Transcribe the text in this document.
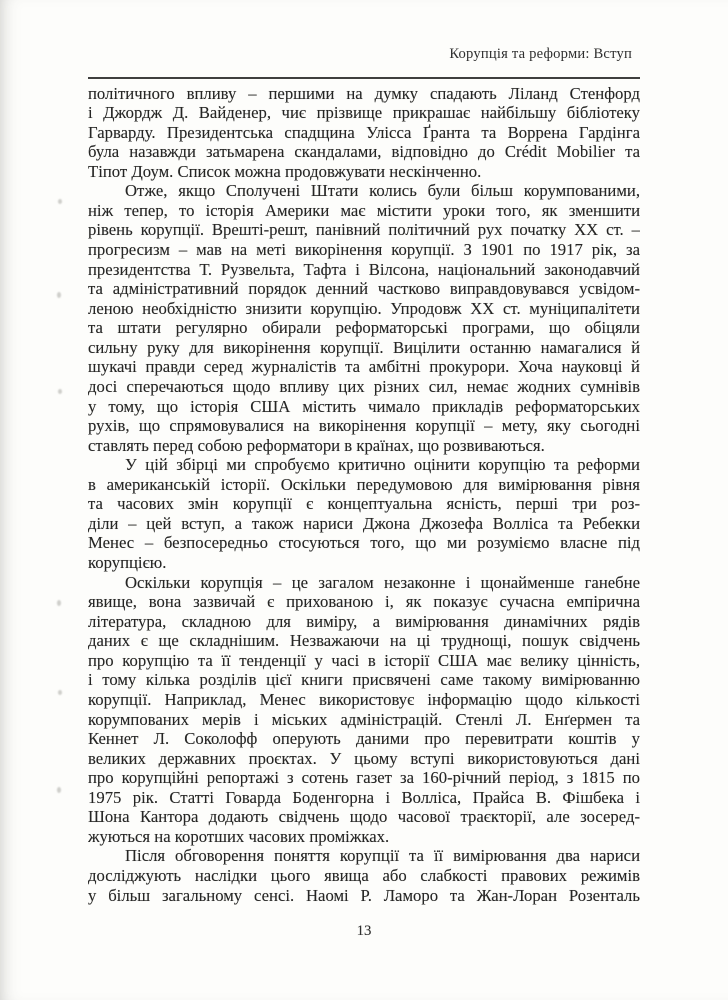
Корупція та реформи: Вступ
політичного впливу – першими на думку спадають Ліланд Стенфорд
і Джордж Д. Вайденер, чиє прізвище прикрашає найбільшу бібліотеку
Гарварду. Президентська спадщина Улісса Ґранта та Воррена Гардінга
була назавжди затьмарена скандалами, відповідно до Crédit Mobilier та
Тіпот Доум. Список можна продовжувати нескінченно.
Отже, якщо Сполучені Штати колись були більш корумпованими,
ніж тепер, то історія Америки має містити уроки того, як зменшити
рівень корупції. Врешті-решт, панівний політичний рух початку XX ст. –
прогресизм – мав на меті викорінення корупції. З 1901 по 1917 рік, за
президентства Т. Рузвельта, Тафта і Вілсона, національний законодавчий
та адміністративний порядок денний частково виправдовувався усвідом-
леною необхідністю знизити корупцію. Упродовж XX ст. муніципалітети
та штати регулярно обирали реформаторські програми, що обіцяли
сильну руку для викорінення корупції. Вицілити останню намагалися й
шукачі правди серед журналістів та амбітні прокурори. Хоча науковці й
досі сперечаються щодо впливу цих різних сил, немає жодних сумнівів
у тому, що історія США містить чимало прикладів реформаторських
рухів, що спрямовувалися на викорінення корупції – мету, яку сьогодні
ставлять перед собою реформатори в країнах, що розвиваються.
У цій збірці ми спробуємо критично оцінити корупцію та реформи
в американській історії. Оскільки передумовою для вимірювання рівня
та часових змін корупції є концептуальна ясність, перші три роз-
діли – цей вступ, а також нариси Джона Джозефа Волліса та Ребекки
Менес – безпосередньо стосуються того, що ми розуміємо власне під
корупцією.
Оскільки корупція – це загалом незаконне і щонайменше ганебне
явище, вона зазвичай є прихованою і, як показує сучасна емпірична
література, складною для виміру, а вимірювання динамічних рядів
даних є ще складнішим. Незважаючи на ці труднощі, пошук свідчень
про корупцію та її тенденції у часі в історії США має велику цінність,
і тому кілька розділів цієї книги присвячені саме такому вимірюванню
корупції. Наприклад, Менес використовує інформацію щодо кількості
корумпованих мерів і міських адміністрацій. Стенлі Л. Енґермен та
Кеннет Л. Соколофф оперують даними про перевитрати коштів у
великих державних проєктах. У цьому вступі використовуються дані
про корупційні репортажі з сотень газет за 160-річний період, з 1815 по
1975 рік. Статті Говарда Боденгорна і Волліса, Прайса В. Фішбека і
Шона Кантора додають свідчень щодо часової траєкторії, але зосеред-
жуються на коротших часових проміжках.
Після обговорення поняття корупції та її вимірювання два нариси
досліджують наслідки цього явища або слабкості правових режимів
у більш загальному сенсі. Наомі Р. Ламоро та Жан-Лоран Розенталь
13
